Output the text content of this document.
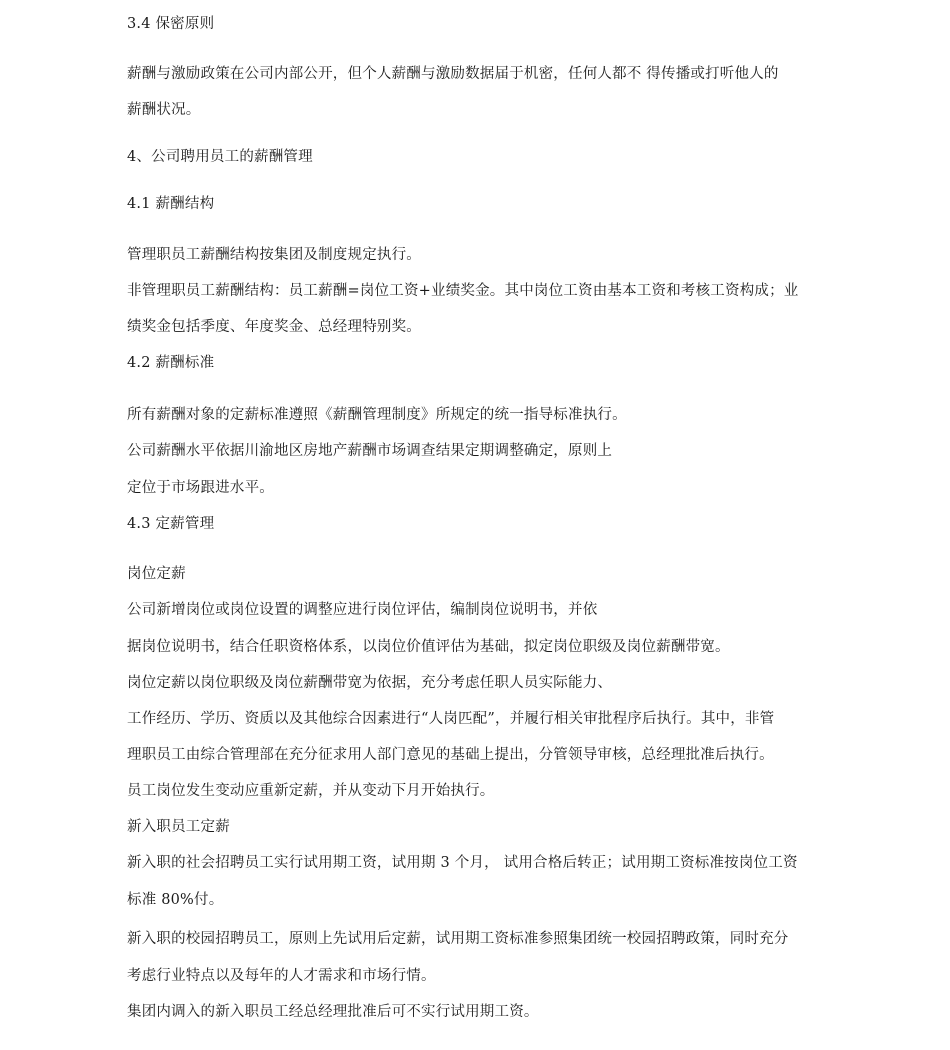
3.4 保密原则
薪酬与激励政策在公司内部公开，但个人薪酬与激励数据届于机密，任何人都不 得传播或打听他人的
薪酬状况。
4、公司聘用员工的薪酬管理
4.1 薪酬结构
管理职员工薪酬结构按集团及制度规定执行。
非管理职员工薪酬结构：员工薪酬=岗位工资+业绩奖金。其中岗位工资由基本工资和考核工资构成；业
绩奖金包括季度、年度奖金、总经理特别奖。
4.2 薪酬标准
所有薪酬对象的定薪标准遵照《薪酬管理制度》所规定的统一指导标准执行。
公司薪酬水平依据川渝地区房地产薪酬市场调查结果定期调整确定，原则上
定位于市场跟进水平。
4.3 定薪管理
岗位定薪
公司新增岗位或岗位设置的调整应进行岗位评估，编制岗位说明书，并依
据岗位说明书，结合任职资格体系，以岗位价值评估为基础，拟定岗位职级及岗位薪酬带宽。
岗位定薪以岗位职级及岗位薪酬带宽为依据，充分考虑任职人员实际能力、
工作经历、学历、资质以及其他综合因素进行“人岗匹配”，并履行相关审批程序后执行。其中，非管
理职员工由综合管理部在充分征求用人部门意见的基础上提出，分管领导审核，总经理批准后执行。
员工岗位发生变动应重新定薪，并从变动下月开始执行。
新入职员工定薪
新入职的社会招聘员工实行试用期工资，试用期 3 个月， 试用合格后转正；试用期工资标准按岗位工资
标准 80%付。
新入职的校园招聘员工，原则上先试用后定薪，试用期工资标准参照集团统一校园招聘政策，同时充分
考虑行业特点以及每年的人才需求和市场行情。
集团内调入的新入职员工经总经理批准后可不实行试用期工资。
